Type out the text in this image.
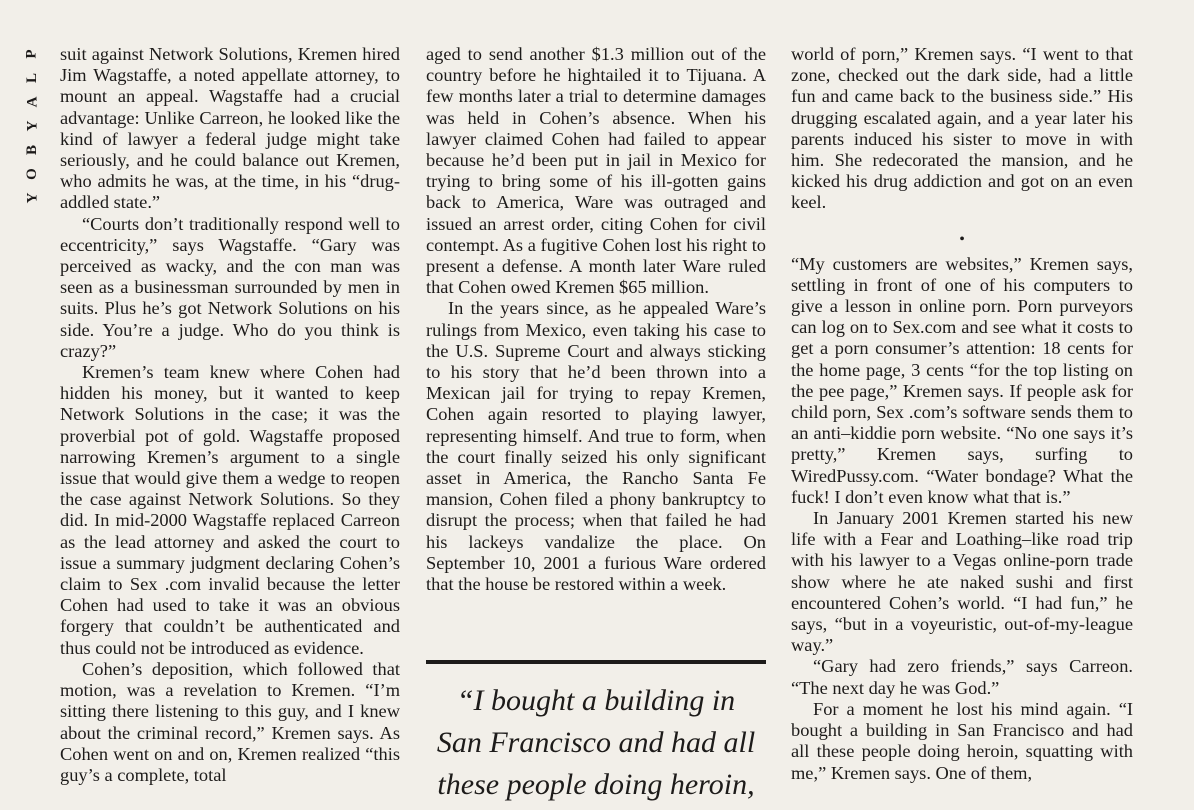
P
L
A
Y
B
O
Y

suit against Network Solutions, Kremen hired Jim Wagstaffe, a noted appellate attorney, to mount an appeal. Wagstaffe had a crucial advantage: Unlike Carreon, he looked like the kind of lawyer a federal judge might take seriously, and he could balance out Kremen, who admits he was, at the time, in his “drug-addled state.”

“Courts don’t traditionally respond well to eccentricity,” says Wagstaffe. “Gary was perceived as wacky, and the con man was seen as a businessman surrounded by men in suits. Plus he’s got Network Solutions on his side. You’re a judge. Who do you think is crazy?”

Kremen’s team knew where Cohen had hidden his money, but it wanted to keep Network Solutions in the case; it was the proverbial pot of gold. Wagstaffe proposed narrowing Kremen’s argument to a single issue that would give them a wedge to reopen the case against Network Solutions. So they did. In mid-2000 Wagstaffe replaced Carreon as the lead attorney and asked the court to issue a summary judgment declaring Cohen’s claim to Sex .com invalid because the letter Cohen had used to take it was an obvious forgery that couldn’t be authenticated and thus could not be introduced as evidence.

Cohen’s deposition, which followed that motion, was a revelation to Kremen. “I’m sitting there listening to this guy, and I knew about the criminal record,” Kremen says. As Cohen went on and on, Kremen realized “this guy’s a complete, total

aged to send another $1.3 million out of the country before he hightailed it to Tijuana. A few months later a trial to determine damages was held in Cohen’s absence. When his lawyer claimed Cohen had failed to appear because he’d been put in jail in Mexico for trying to bring some of his ill-gotten gains back to America, Ware was outraged and issued an arrest order, citing Cohen for civil contempt. As a fugitive Cohen lost his right to present a defense. A month later Ware ruled that Cohen owed Kremen $65 million.

In the years since, as he appealed Ware’s rulings from Mexico, even taking his case to the U.S. Supreme Court and always sticking to his story that he’d been thrown into a Mexican jail for trying to repay Kremen, Cohen again resorted to playing lawyer, representing himself. And true to form, when the court finally seized his only significant asset in America, the Rancho Santa Fe mansion, Cohen filed a phony bankruptcy to disrupt the process; when that failed he had his lackeys vandalize the place. On September 10, 2001 a furious Ware ordered that the house be restored within a week.

“I bought a building in
San Francisco and had all
these people doing heroin,

world of porn,” Kremen says. “I went to that zone, checked out the dark side, had a little fun and came back to the business side.” His drugging escalated again, and a year later his parents induced his sister to move in with him. She redecorated the mansion, and he kicked his drug addiction and got on an even keel.

•

“My customers are websites,” Kremen says, settling in front of one of his computers to give a lesson in online porn. Porn purveyors can log on to Sex.com and see what it costs to get a porn consumer’s attention: 18 cents for the home page, 3 cents “for the top listing on the pee page,” Kremen says. If people ask for child porn, Sex .com’s software sends them to an anti–kiddie porn website. “No one says it’s pretty,” Kremen says, surfing to WiredPussy.com. “Water bondage? What the fuck! I don’t even know what that is.”

In January 2001 Kremen started his new life with a Fear and Loathing–like road trip with his lawyer to a Vegas online-porn trade show where he ate naked sushi and first encountered Cohen’s world. “I had fun,” he says, “but in a voyeuristic, out-of-my-league way.”

“Gary had zero friends,” says Carreon. “The next day he was God.”

For a moment he lost his mind again. “I bought a building in San Francisco and had all these people doing heroin, squatting with me,” Kremen says. One of them,
